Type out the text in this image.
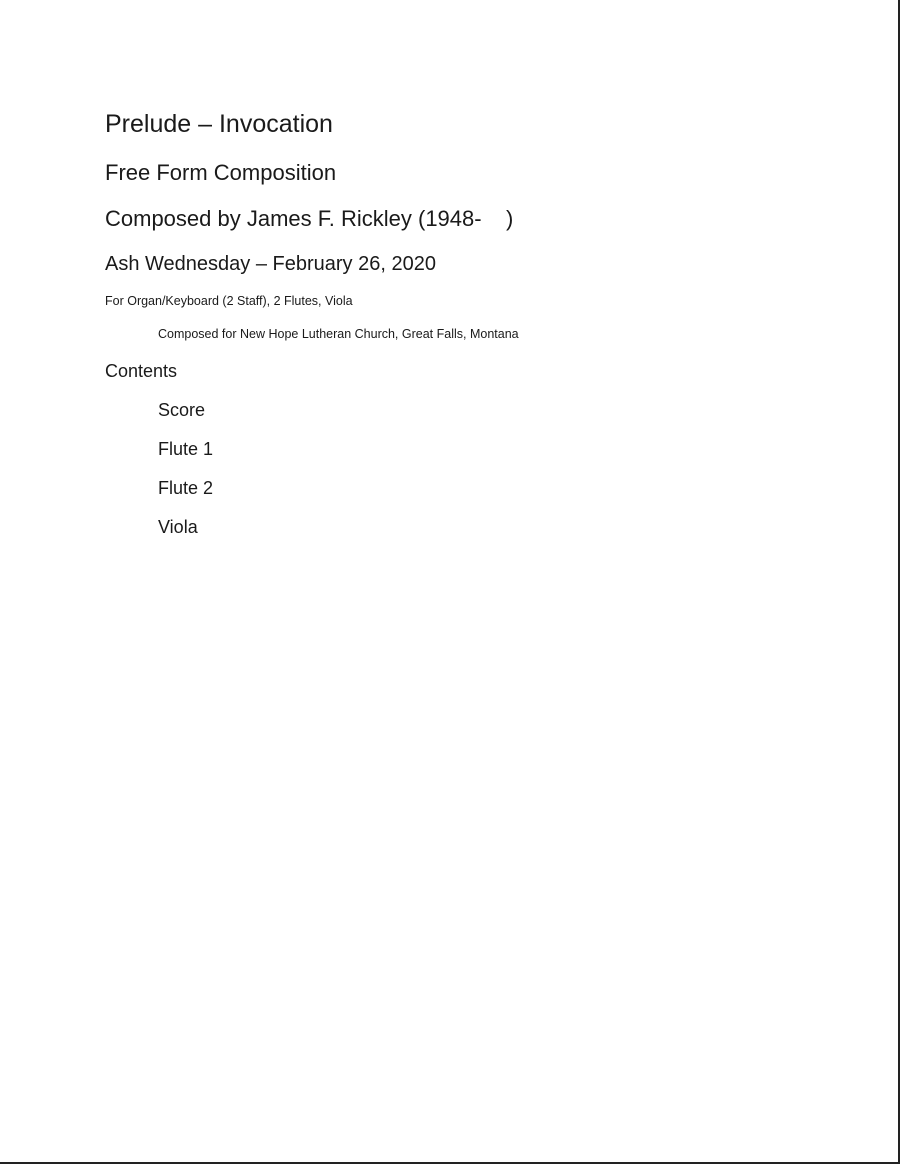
Prelude – Invocation

Free Form Composition

Composed by James F. Rickley (1948-    )

Ash Wednesday – February 26, 2020

For Organ/Keyboard (2 Staff), 2 Flutes, Viola

Composed for New Hope Lutheran Church, Great Falls, Montana

Contents

Score
Flute 1
Flute 2
Viola
